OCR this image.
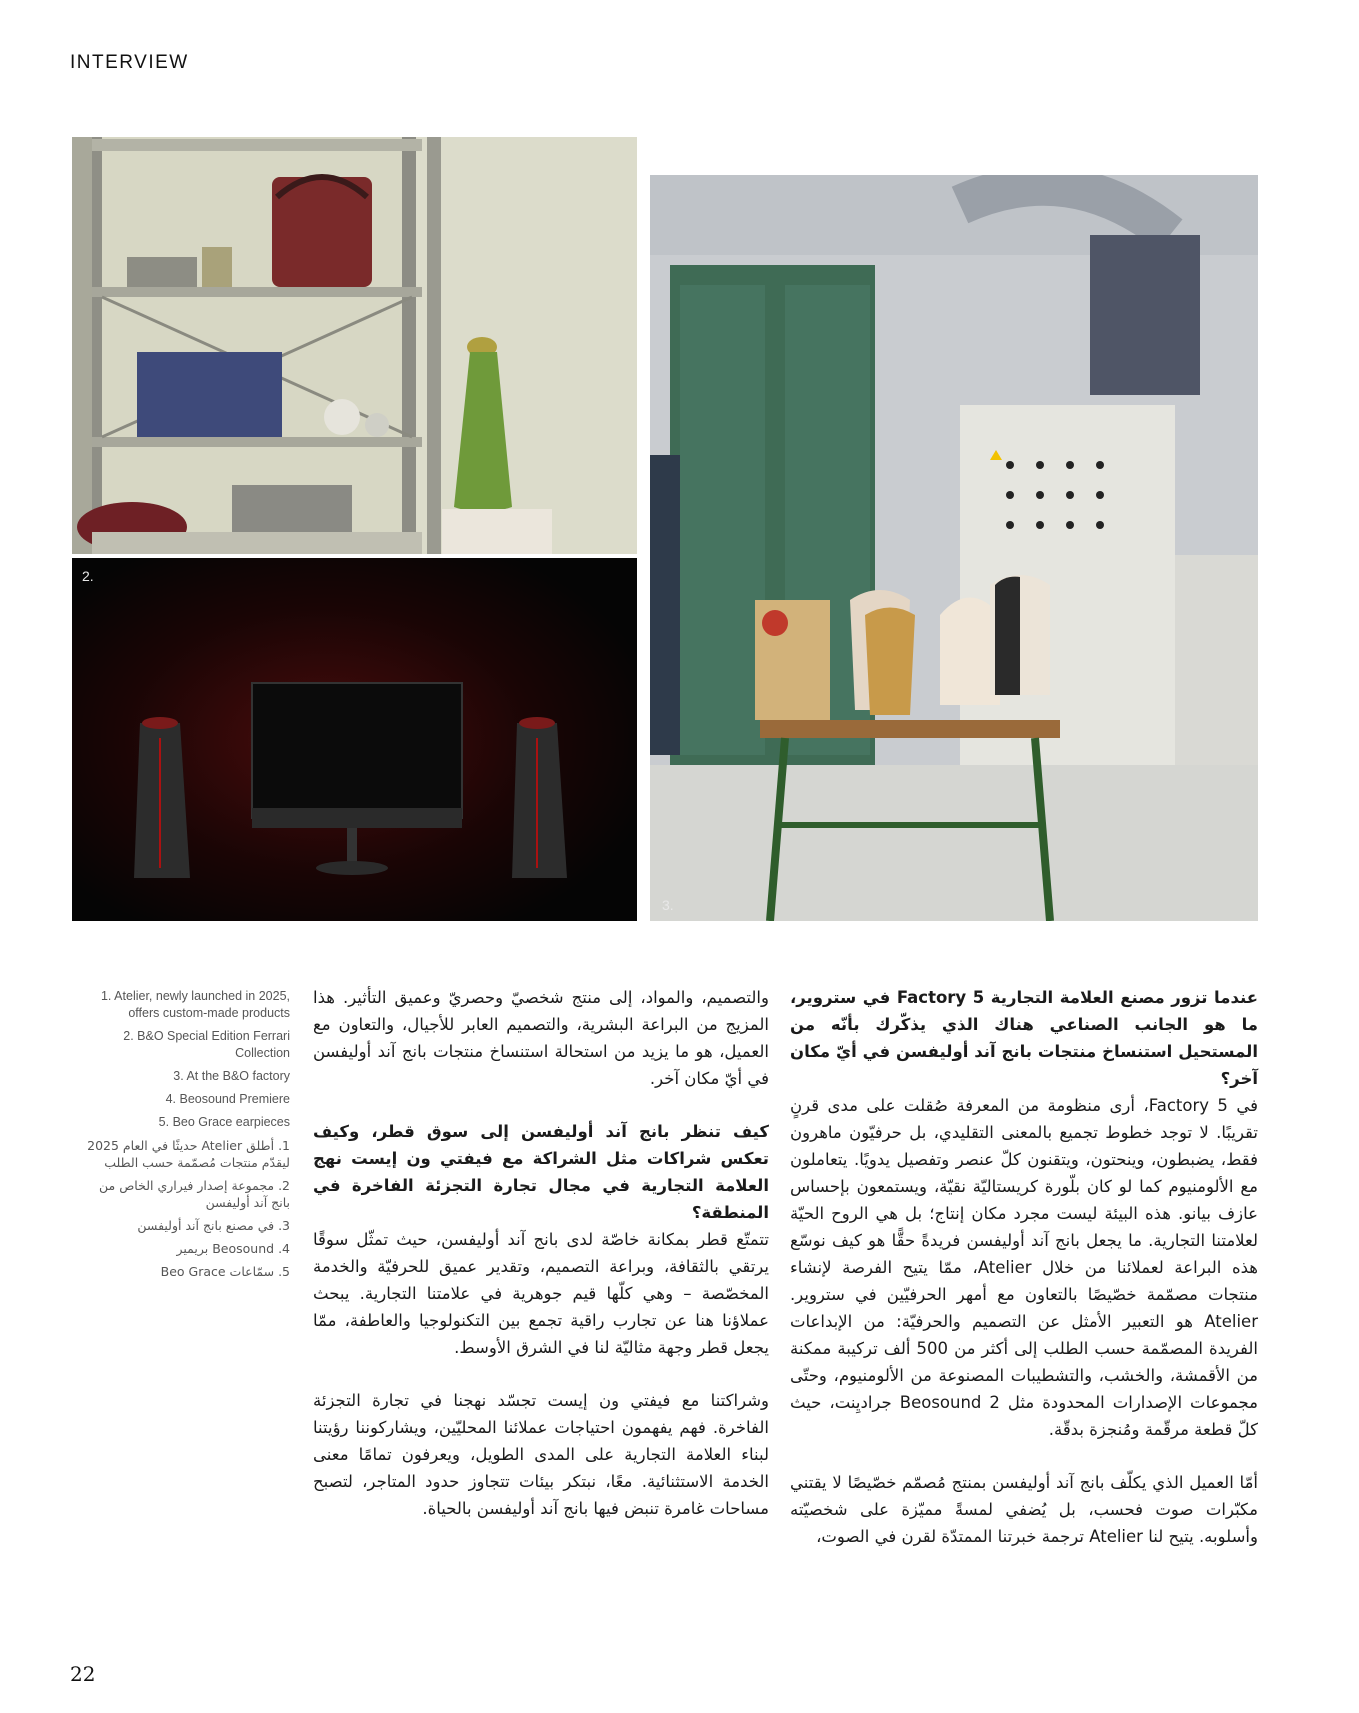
INTERVIEW
2.
3.
1. Atelier, newly launched in 2025, offers custom-made products
2. B&O Special Edition Ferrari Collection
3. At the B&O factory
4. Beosound Premiere
5. Beo Grace earpieces
1. أطلق Atelier حديثًا في العام 2025 ليقدّم منتجات مُصمّمة حسب الطلب
2. مجموعة إصدار فيراري الخاص من بانج آند أوليفسن
3. في مصنع بانج آند أوليفسن
4. Beosound بريمير
5. سمّاعات Beo Grace

عندما تزور مصنع العلامة التجارية Factory 5 في ستروير، ما هو الجانب الصناعي هناك الذي يذكّرك بأنّه من المستحيل استنساخ منتجات بانج آند أوليفسن في أيّ مكان آخر؟

في Factory 5، أرى منظومة من المعرفة صُقلت على مدى قرنٍ تقريبًا. لا توجد خطوط تجميع بالمعنى التقليدي، بل حرفيّون ماهرون فقط، يضبطون، وينحتون، ويتقنون كلّ عنصر وتفصيل يدويًا. يتعاملون مع الألومنيوم كما لو كان بلّورة كريستاليّة نقيّة، ويستمعون بإحساس عازف بيانو. هذه البيئة ليست مجرد مكان إنتاج؛ بل هي الروح الحيّة لعلامتنا التجارية. ما يجعل بانج آند أوليفسن فريدةً حقًّا هو كيف نوسّع هذه البراعة لعملائنا من خلال Atelier، ممّا يتيح الفرصة لإنشاء منتجات مصمّمة خصّيصًا بالتعاون مع أمهر الحرفيّين في ستروير. Atelier هو التعبير الأمثل عن التصميم والحرفيّة: من الإبداعات الفريدة المصمّمة حسب الطلب إلى أكثر من 500 ألف تركيبة ممكنة من الأقمشة، والخشب، والتشطيبات المصنوعة من الألومنيوم، وحتّى مجموعات الإصدارات المحدودة مثل Beosound 2 جراديِنت، حيث كلّ قطعة مرقّمة ومُنجزة بدقّة.

أمّا العميل الذي يكلّف بانج آند أوليفسن بمنتج مُصمّم خصّيصًا لا يقتني مكبّرات صوت فحسب، بل يُضفي لمسةً مميّزة على شخصيّته وأسلوبه. يتيح لنا Atelier ترجمة خبرتنا الممتدّة لقرن في الصوت،

والتصميم، والمواد، إلى منتج شخصيّ وحصريّ وعميق التأثير. هذا المزيج من البراعة البشرية، والتصميم العابر للأجيال، والتعاون مع العميل، هو ما يزيد من استحالة استنساخ منتجات بانج آند أوليفسن في أيّ مكان آخر.

كيف تنظر بانج آند أوليفسن إلى سوق قطر، وكيف تعكس شراكات مثل الشراكة مع فيفتي ون إيست نهج العلامة التجارية في مجال تجارة التجزئة الفاخرة في المنطقة؟

تتمتّع قطر بمكانة خاصّة لدى بانج آند أوليفسن، حيث تمثّل سوقًا يرتقي بالثقافة، وبراعة التصميم، وتقدير عميق للحرفيّة والخدمة المخصّصة – وهي كلّها قيم جوهرية في علامتنا التجارية. يبحث عملاؤنا هنا عن تجارب راقية تجمع بين التكنولوجيا والعاطفة، ممّا يجعل قطر وجهة مثاليّة لنا في الشرق الأوسط.

وشراكتنا مع فيفتي ون إيست تجسّد نهجنا في تجارة التجزئة الفاخرة. فهم يفهمون احتياجات عملائنا المحليّين، ويشاركوننا رؤيتنا لبناء العلامة التجارية على المدى الطويل، ويعرفون تمامًا معنى الخدمة الاستثنائية. معًا، نبتكر بيئات تتجاوز حدود المتاجر، لتصبح مساحات غامرة تنبض فيها بانج آند أوليفسن بالحياة.

22
